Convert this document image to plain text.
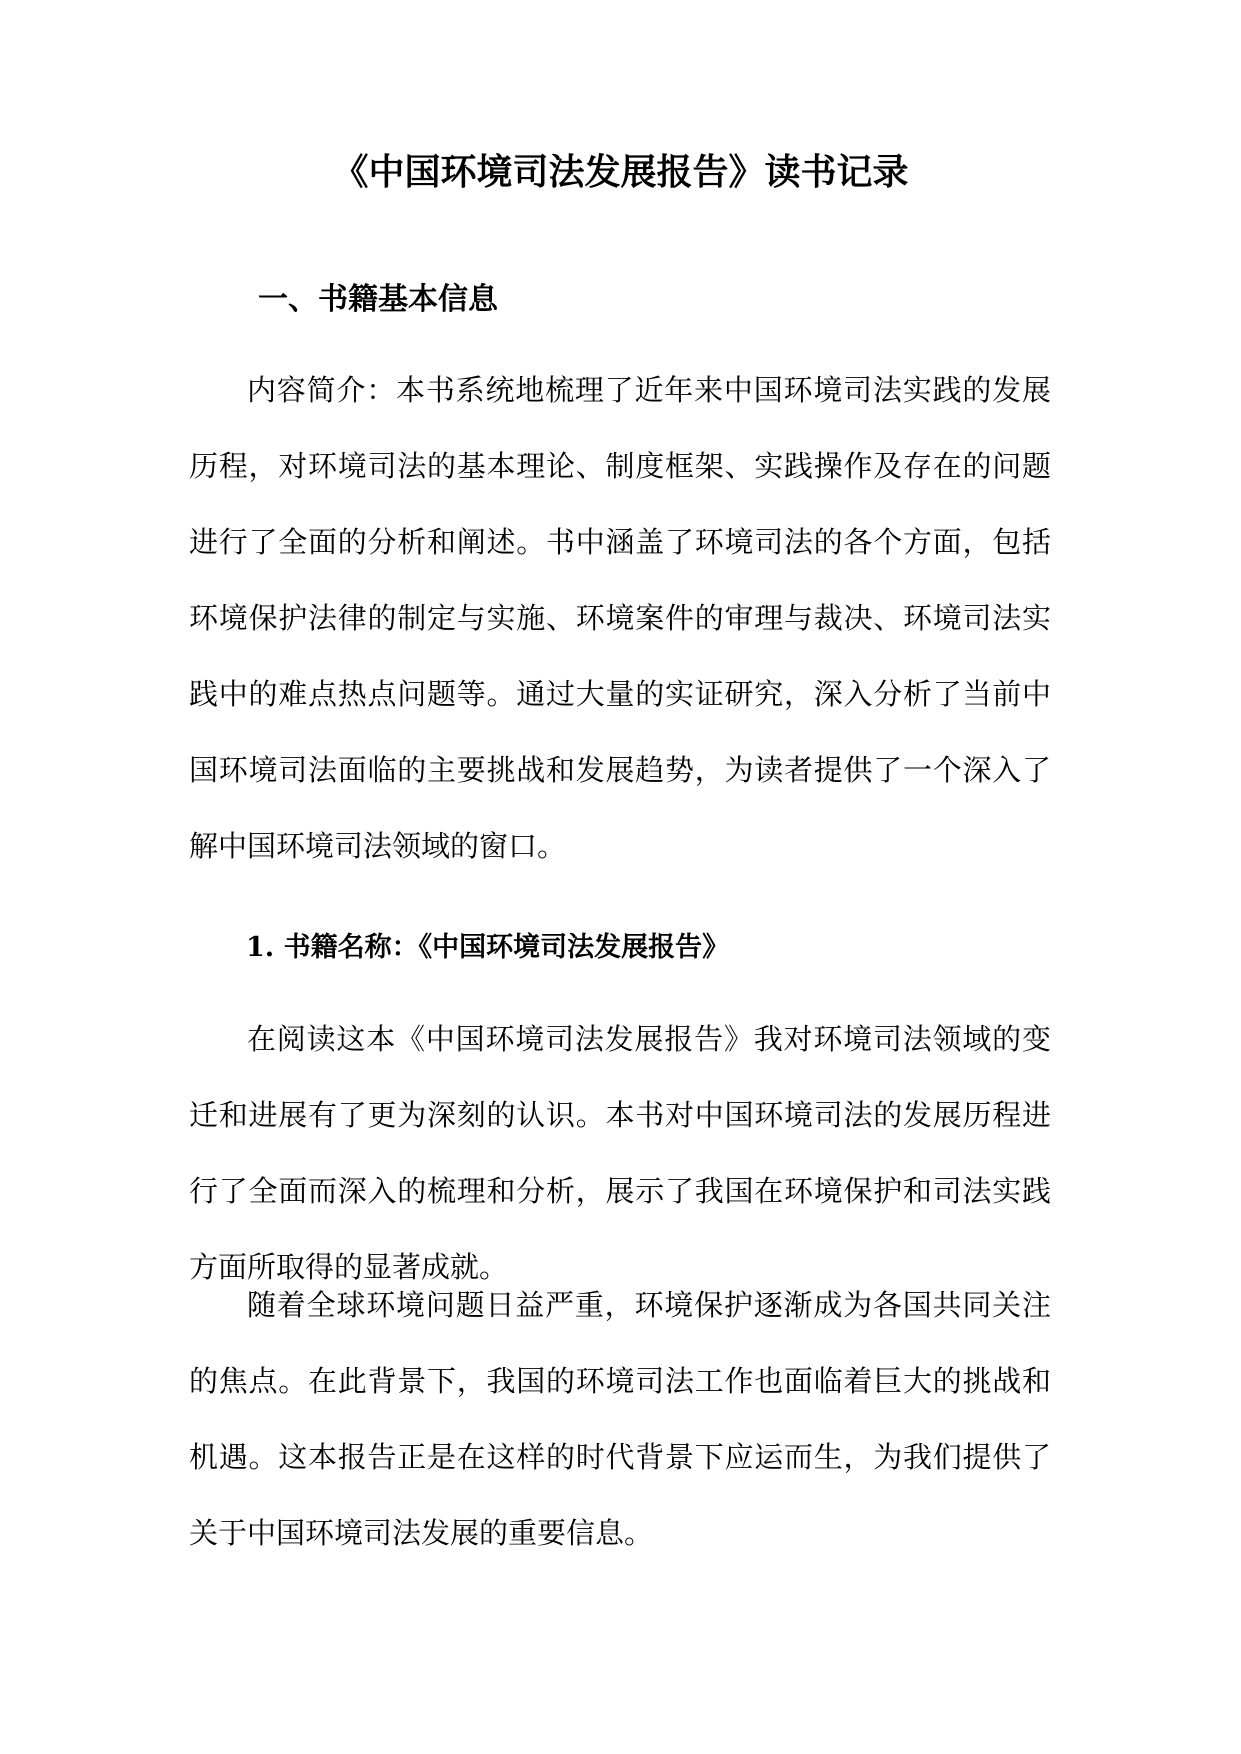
《中国环境司法发展报告》读书记录
一、书籍基本信息

内容简介：本书系统地梳理了近年来中国环境司法实践的发展历程，对环境司法的基本理论、制度框架、实践操作及存在的问题进行了全面的分析和阐述。书中涵盖了环境司法的各个方面，包括环境保护法律的制定与实施、环境案件的审理与裁决、环境司法实践中的难点热点问题等。通过大量的实证研究，深入分析了当前中国环境司法面临的主要挑战和发展趋势，为读者提供了一个深入了解中国环境司法领域的窗口。

1. 书籍名称：《中国环境司法发展报告》

在阅读这本《中国环境司法发展报告》我对环境司法领域的变迁和进展有了更为深刻的认识。本书对中国环境司法的发展历程进行了全面而深入的梳理和分析，展示了我国在环境保护和司法实践方面所取得的显著成就。

随着全球环境问题日益严重，环境保护逐渐成为各国共同关注的焦点。在此背景下，我国的环境司法工作也面临着巨大的挑战和机遇。这本报告正是在这样的时代背景下应运而生，为我们提供了关于中国环境司法发展的重要信息。
